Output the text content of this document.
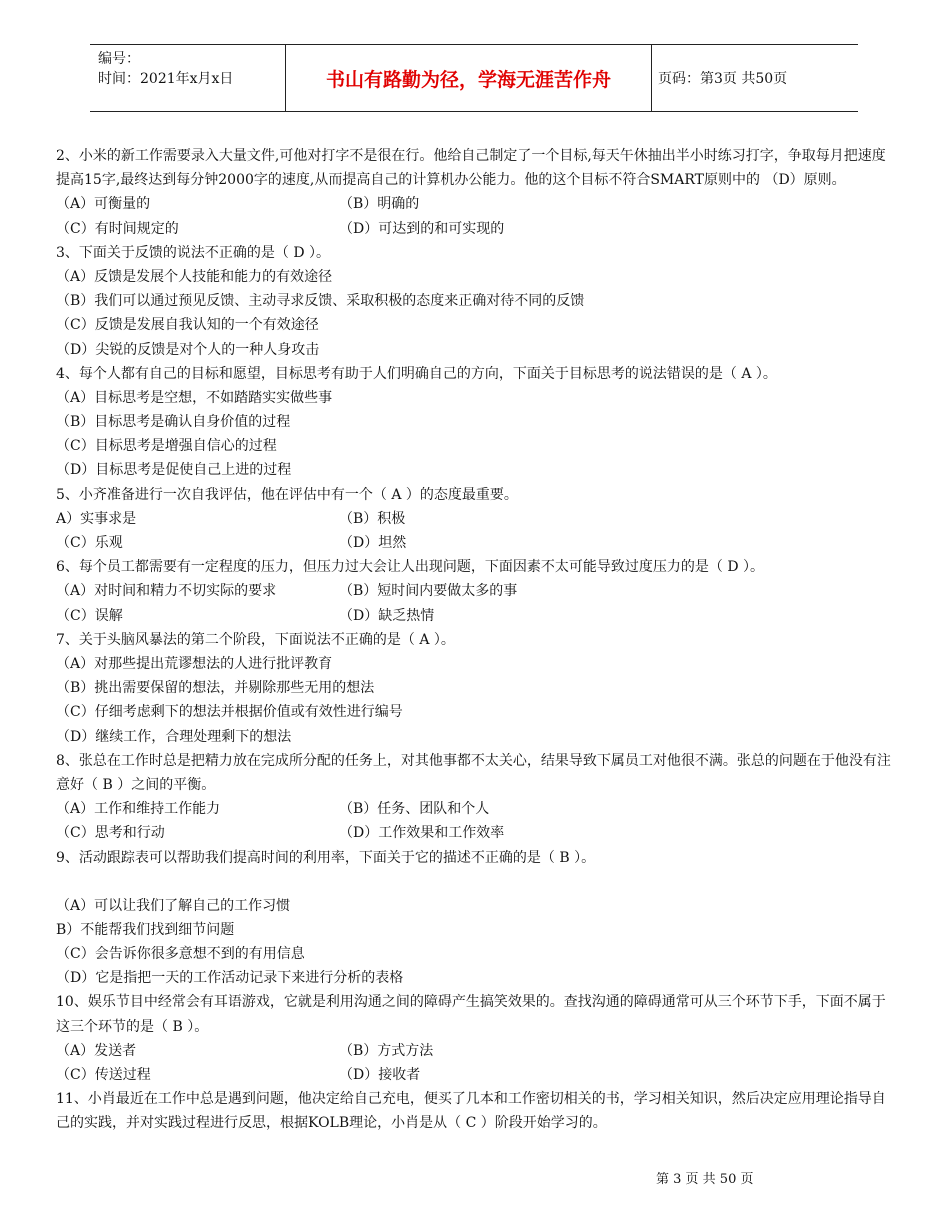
编号：
时间：2021年x月x日	书山有路勤为径，学海无涯苦作舟	页码：第3页 共50页
2、小米的新工作需要录入大量文件,可他对打字不是很在行。他给自己制定了一个目标,每天午休抽出半小时练习打字，争取每月把速度提高15字,最终达到每分钟2000字的速度,从而提高自己的计算机办公能力。他的这个目标不符合SMART原则中的 （D）原则。
（A）可衡量的	（B）明确的
（C）有时间规定的	（D）可达到的和可实现的
3、下面关于反馈的说法不正确的是（ D ）。
（A）反馈是发展个人技能和能力的有效途径
（B）我们可以通过预见反馈、主动寻求反馈、采取积极的态度来正确对待不同的反馈
（C）反馈是发展自我认知的一个有效途径
（D）尖锐的反馈是对个人的一种人身攻击
4、每个人都有自己的目标和愿望，目标思考有助于人们明确自己的方向，下面关于目标思考的说法错误的是（ A ）。
（A）目标思考是空想，不如踏踏实实做些事
（B）目标思考是确认自身价值的过程
（C）目标思考是增强自信心的过程
（D）目标思考是促使自己上进的过程
5、小齐准备进行一次自我评估，他在评估中有一个（ A ）的态度最重要。
A）实事求是	（B）积极
（C）乐观	（D）坦然
6、每个员工都需要有一定程度的压力，但压力过大会让人出现问题，下面因素不太可能导致过度压力的是（ D ）。
（A）对时间和精力不切实际的要求	（B）短时间内要做太多的事
（C）误解	（D）缺乏热情
7、关于头脑风暴法的第二个阶段，下面说法不正确的是（ A ）。
（A）对那些提出荒谬想法的人进行批评教育
（B）挑出需要保留的想法，并剔除那些无用的想法
（C）仔细考虑剩下的想法并根据价值或有效性进行编号
（D）继续工作，合理处理剩下的想法
8、张总在工作时总是把精力放在完成所分配的任务上，对其他事都不太关心，结果导致下属员工对他很不满。张总的问题在于他没有注意好（ B ）之间的平衡。
（A）工作和维持工作能力	（B）任务、团队和个人
（C）思考和行动	（D）工作效果和工作效率
9、活动跟踪表可以帮助我们提高时间的利用率，下面关于它的描述不正确的是（ B ）。
（A）可以让我们了解自己的工作习惯
B）不能帮我们找到细节问题
（C）会告诉你很多意想不到的有用信息
（D）它是指把一天的工作活动记录下来进行分析的表格
10、娱乐节目中经常会有耳语游戏，它就是利用沟通之间的障碍产生搞笑效果的。查找沟通的障碍通常可从三个环节下手，下面不属于这三个环节的是（ B ）。
（A）发送者	（B）方式方法
（C）传送过程	（D）接收者
11、小肖最近在工作中总是遇到问题，他决定给自己充电，便买了几本和工作密切相关的书，学习相关知识，然后决定应用理论指导自己的实践，并对实践过程进行反思，根据KOLB理论，小肖是从（ C ）阶段开始学习的。
第 3 页 共 50 页
